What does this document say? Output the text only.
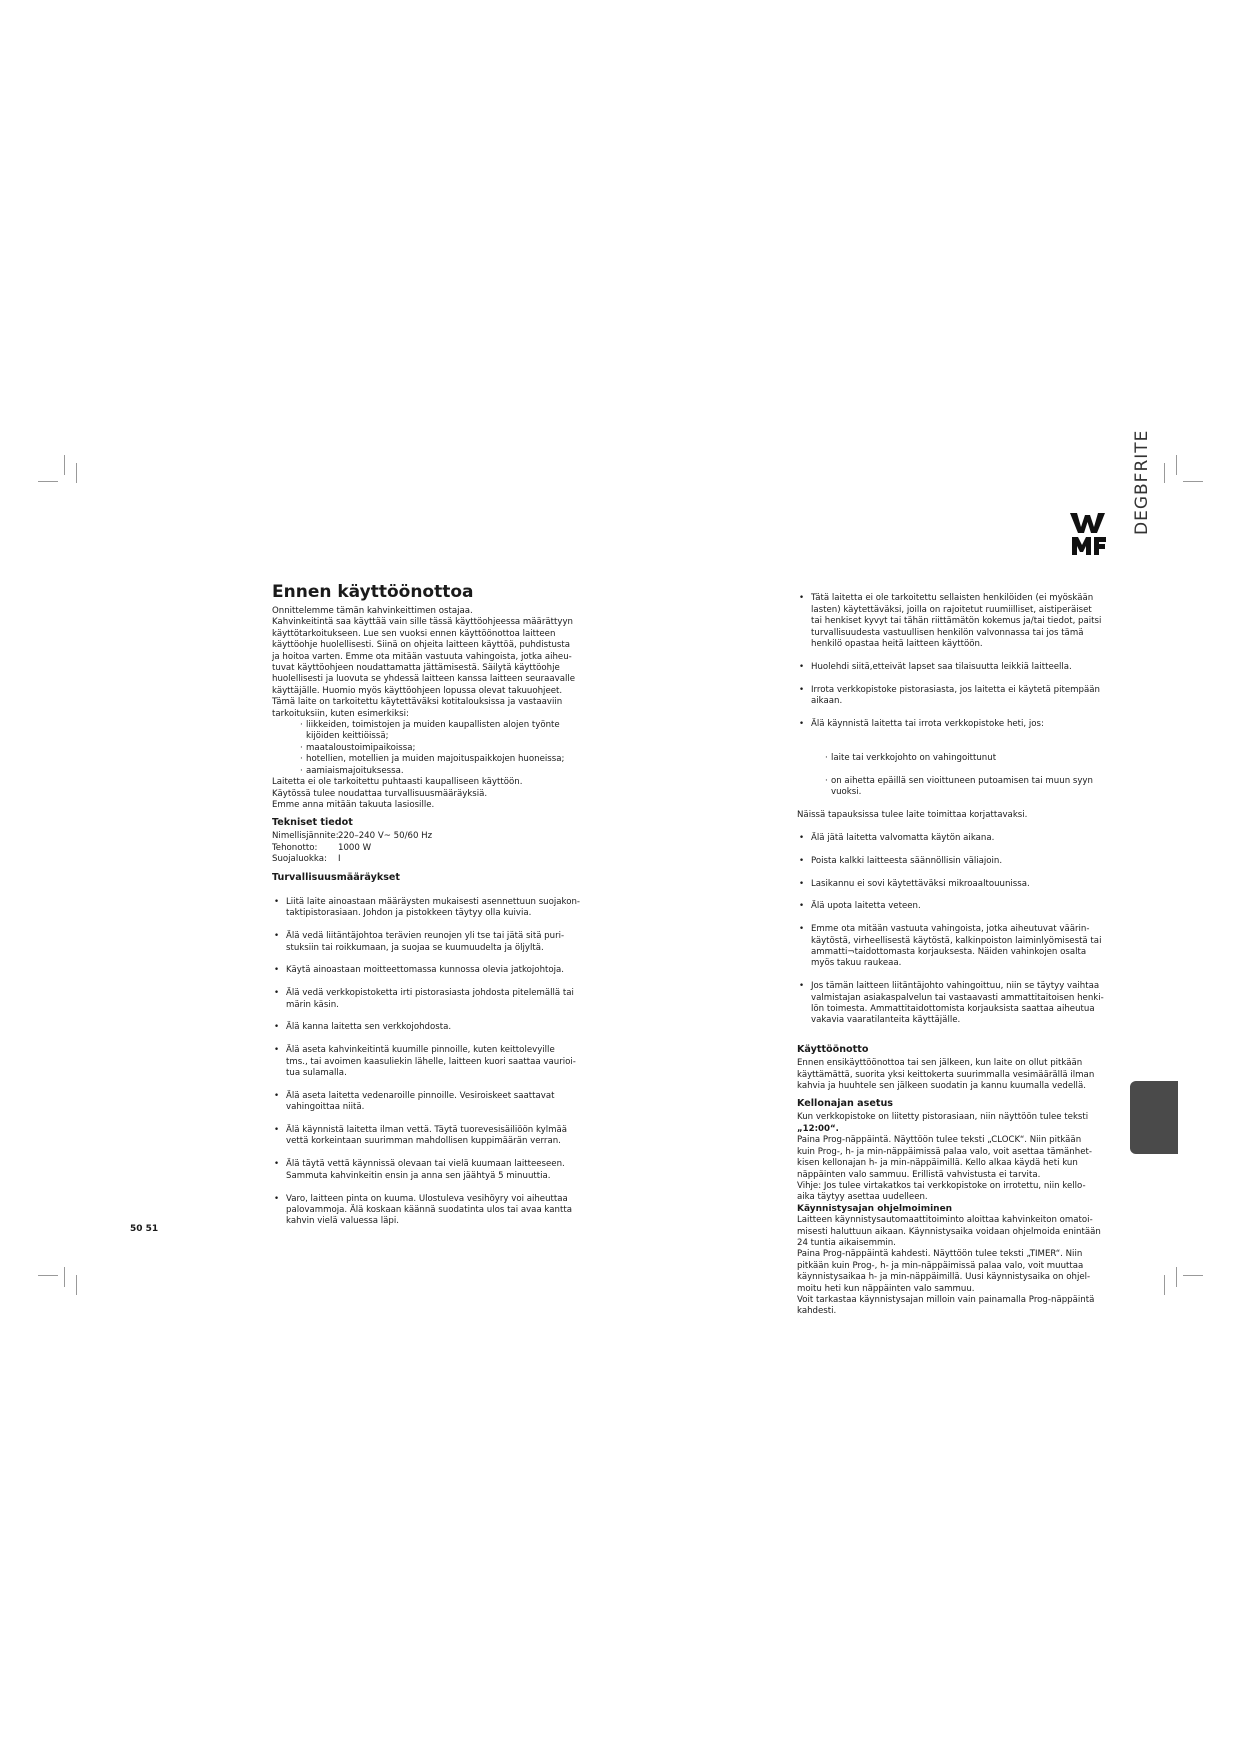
DEGBFRITE
Ennen käyttöönottoa

Onnittelemme tämän kahvinkeittimen ostajaa.

Kahvinkeitintä saa käyttää vain sille tässä käyttöohjeessa määrättyyn

käyttötarkoitukseen. Lue sen vuoksi ennen käyttöönottoa laitteen

käyttöohje huolellisesti. Siinä on ohjeita laitteen käyttöä, puhdistusta

ja hoitoa varten. Emme ota mitään vastuuta vahingoista, jotka aiheu-

tuvat käyttöohjeen noudattamatta jättämisestä. Säilytä käyttöohje

huolellisesti ja luovuta se yhdessä laitteen kanssa laitteen seuraavalle

käyttäjälle. Huomio myös käyttöohjeen lopussa olevat takuuohjeet.

Tämä laite on tarkoitettu käytettäväksi kotitalouksissa ja vastaaviin

tarkoituksiin, kuten esimerkiksi:

· liikkeiden, toimistojen ja muiden kaupallisten alojen työnte
kijöiden keittiöissä;
· maataloustoimipaikoissa;
· hotellien, motellien ja muiden majoituspaikkojen huoneissa;
· aamiaismajoituksessa.

Laitetta ei ole tarkoitettu puhtaasti kaupalliseen käyttöön.

Käytössä tulee noudattaa turvallisuusmääräyksiä.

Emme anna mitään takuuta lasiosille.

Tekniset tiedot
Nimellisjännite: 220–240 V~ 50/60 Hz
Tehonotto:	1000 W
Suojaluokka:	I
Turvallisuusmääräykset

• Liitä laite ainoastaan määräysten mukaisesti asennettuun suojakon-
taktipistorasiaan. Johdon ja pistokkeen täytyy olla kuivia.

• Älä vedä liitäntäjohtoa terävien reunojen yli tse tai jätä sitä puri-
stuksiin tai roikkumaan, ja suojaa se kuumuudelta ja öljyltä.

• Käytä ainoastaan moitteettomassa kunnossa olevia jatkojohtoja.

• Älä vedä verkkopistoketta irti pistorasiasta johdosta pitelemällä tai
märin käsin.

• Älä kanna laitetta sen verkkojohdosta.

• Älä aseta kahvinkeitintä kuumille pinnoille, kuten keittolevyille
tms., tai avoimen kaasuliekin lähelle, laitteen kuori saattaa vaurioi-
tua sulamalla.

• Älä aseta laitetta vedenaroille pinnoille. Vesiroiskeet saattavat
vahingoittaa niitä.

• Älä käynnistä laitetta ilman vettä. Täytä tuorevesisäiliöön kylmää
vettä korkeintaan suurimman mahdollisen kuppimäärän verran.

• Älä täytä vettä käynnissä olevaan tai vielä kuumaan laitteeseen.
Sammuta kahvinkeitin ensin ja anna sen jäähtyä 5 minuuttia.

• Varo, laitteen pinta on kuuma. Ulostuleva vesihöyry voi aiheuttaa
palovammoja. Älä koskaan käännä suodatinta ulos tai avaa kantta
kahvin vielä valuessa läpi.

• Tätä laitetta ei ole tarkoitettu sellaisten henkilöiden (ei myöskään
lasten) käytettäväksi, joilla on rajoitetut ruumiilliset, aistiperäiset
tai henkiset kyvyt tai tähän riittämätön kokemus ja/tai tiedot, paitsi
turvallisuudesta vastuullisen henkilön valvonnassa tai jos tämä
henkilö opastaa heitä laitteen käyttöön.

• Huolehdi siitä,etteivät lapset saa tilaisuutta leikkiä laitteella.

• Irrota verkkopistoke pistorasiasta, jos laitetta ei käytetä pitempään
aikaan.

• Älä käynnistä laitetta tai irrota verkkopistoke heti, jos:

· laite tai verkkojohto on vahingoittunut

· on aihetta epäillä sen vioittuneen putoamisen tai muun syyn
vuoksi.

Näissä tapauksissa tulee laite toimittaa korjattavaksi.

• Älä jätä laitetta valvomatta käytön aikana.

• Poista kalkki laitteesta säännöllisin väliajoin.

• Lasikannu ei sovi käytettäväksi mikroaaltouunissa.

• Älä upota laitetta veteen.

• Emme ota mitään vastuuta vahingoista, jotka aiheutuvat väärin-
käytöstä, virheellisestä käytöstä, kalkinpoiston laiminlyömisestä tai
ammatti¬taidottomasta korjauksesta. Näiden vahinkojen osalta
myös takuu raukeaa.

• Jos tämän laitteen liitäntäjohto vahingoittuu, niin se täytyy vaihtaa
valmistajan asiakaspalvelun tai vastaavasti ammattitaitoisen henki-
lön toimesta. Ammattitaidottomista korjauksista saattaa aiheutua
vakavia vaaratilanteita käyttäjälle.

Käyttöönotto

Ennen ensikäyttöönottoa tai sen jälkeen, kun laite on ollut pitkään
käyttämättä, suorita yksi keittokerta suurimmalla vesimäärällä ilman
kahvia ja huuhtele sen jälkeen suodatin ja kannu kuumalla vedellä.

Kellonajan asetus

Kun verkkopistoke on liitetty pistorasiaan, niin näyttöön tulee teksti

„12:00“.

Paina Prog-näppäintä. Näyttöön tulee teksti „CLOCK“. Niin pitkään
kuin Prog-, h- ja min-näppäimissä palaa valo, voit asettaa tämänhet-
kisen kellonajan h- ja min-näppäimillä. Kello alkaa käydä heti kun
näppäinten valo sammuu. Erillistä vahvistusta ei tarvita.

Vihje: Jos tulee virtakatkos tai verkkopistoke on irrotettu, niin kello-
aika täytyy asettaa uudelleen.

Käynnistysajan ohjelmoiminen

Laitteen käynnistysautomaattitoiminto aloittaa kahvinkeiton omatoi-
misesti haluttuun aikaan. Käynnistysaika voidaan ohjelmoida enintään
24 tuntia aikaisemmin.
Paina Prog-näppäintä kahdesti. Näyttöön tulee teksti „TIMER“. Niin
pitkään kuin Prog-, h- ja min-näppäimissä palaa valo, voit muuttaa
käynnistysaikaa h- ja min-näppäimillä. Uusi käynnistysaika on ohjel-
moitu heti kun näppäinten valo sammuu.
Voit tarkastaa käynnistysajan milloin vain painamalla Prog-näppäintä
kahdesti.

50 51
